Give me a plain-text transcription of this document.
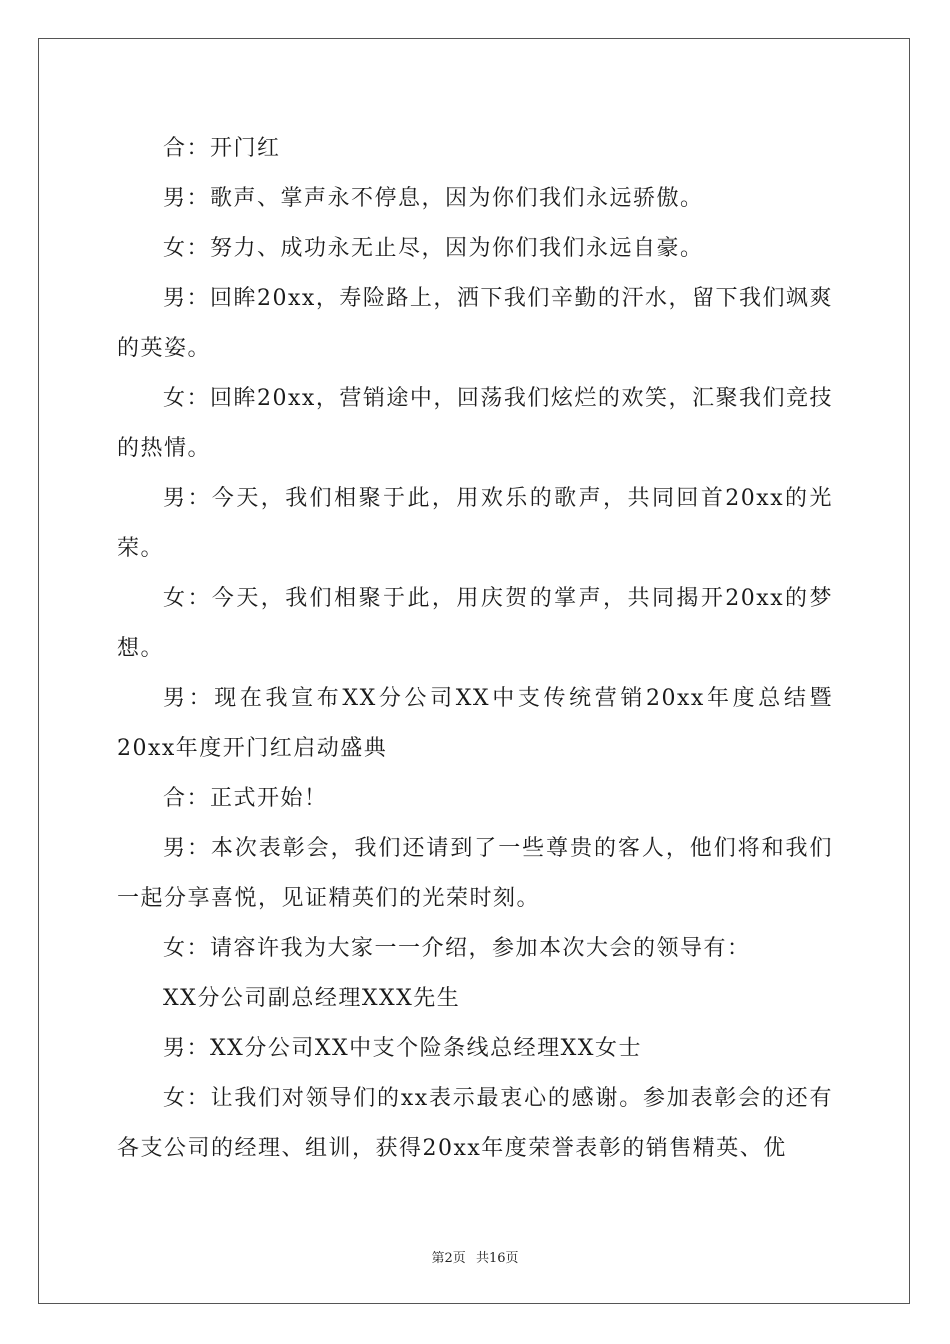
合：开门红

男：歌声、掌声永不停息，因为你们我们永远骄傲。

女：努力、成功永无止尽，因为你们我们永远自豪。

男：回眸20xx，寿险路上，洒下我们辛勤的汗水，留下我们飒爽的英姿。

女：回眸20xx，营销途中，回荡我们炫烂的欢笑，汇聚我们竞技的热情。

男：今天，我们相聚于此，用欢乐的歌声，共同回首20xx的光荣。

女：今天，我们相聚于此，用庆贺的掌声，共同揭开20xx的梦想。

男：现在我宣布XX分公司XX中支传统营销20xx年度总结暨20xx年度开门红启动盛典

合：正式开始！

男：本次表彰会，我们还请到了一些尊贵的客人，他们将和我们一起分享喜悦，见证精英们的光荣时刻。

女：请容许我为大家一一介绍，参加本次大会的领导有：

XX分公司副总经理XXX先生

男：XX分公司XX中支个险条线总经理XX女士

女：让我们对领导们的xx表示最衷心的感谢。参加表彰会的还有各支公司的经理、组训，获得20xx年度荣誉表彰的销售精英、优

第2页 共16页
